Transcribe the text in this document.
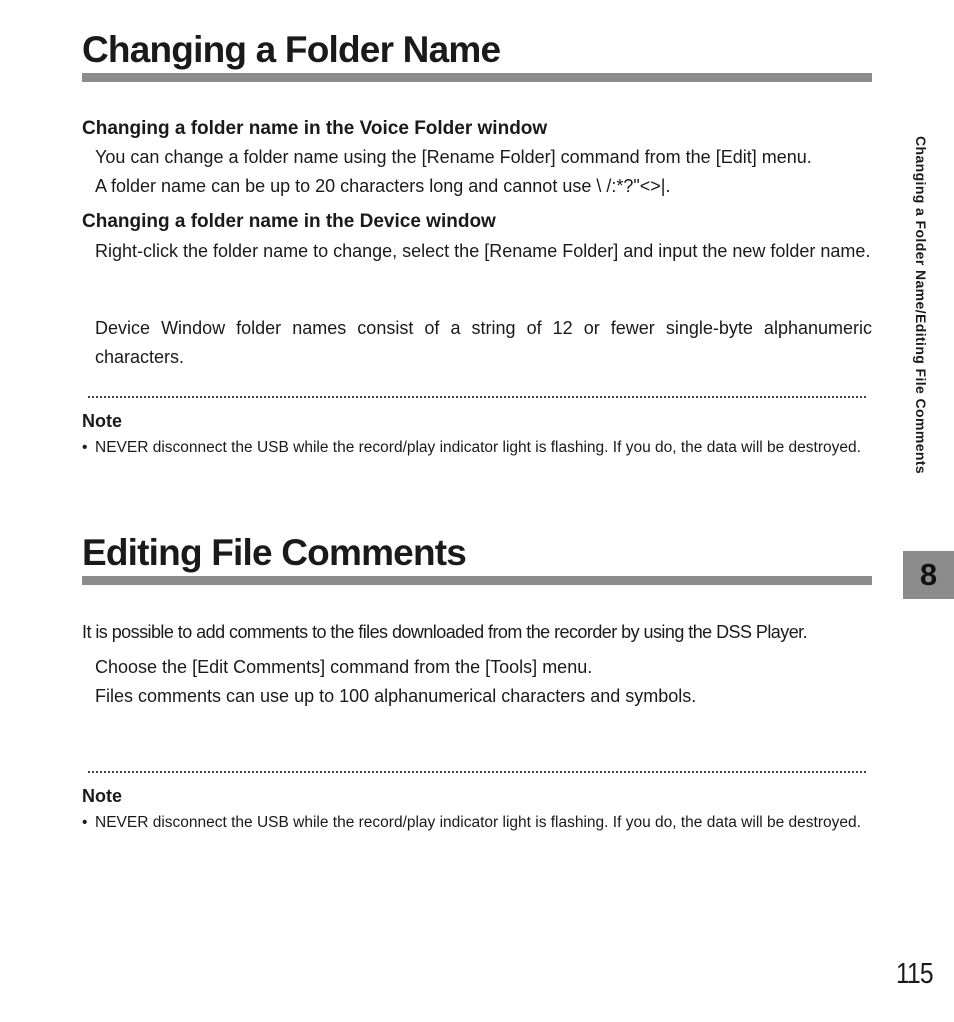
Changing a Folder Name
Changing a folder name in the Voice Folder window

You can change a folder name using the [Rename Folder] command from the [Edit] menu.

A folder name can be up to 20 characters long and cannot use \ /:*?"<>|.

Changing a folder name in the Device window

Right-click the folder name to change, select the [Rename Folder] and input the new folder name.

Device Window folder names consist of a string of 12 or fewer single-byte alphanumeric characters.

Note

• NEVER disconnect the USB while the record/play indicator light is flashing. If you do, the data will be destroyed.
Editing File Comments

It is possible to add comments to the files downloaded from the recorder by using the DSS Player.

Choose the [Edit Comments] command from the [Tools] menu.

Files comments can use up to 100 alphanumerical characters and symbols.

Note

• NEVER disconnect the USB while the record/play indicator light is flashing. If you do, the data will be destroyed.
Changing a Folder Name/Editing File Comments
8
115
